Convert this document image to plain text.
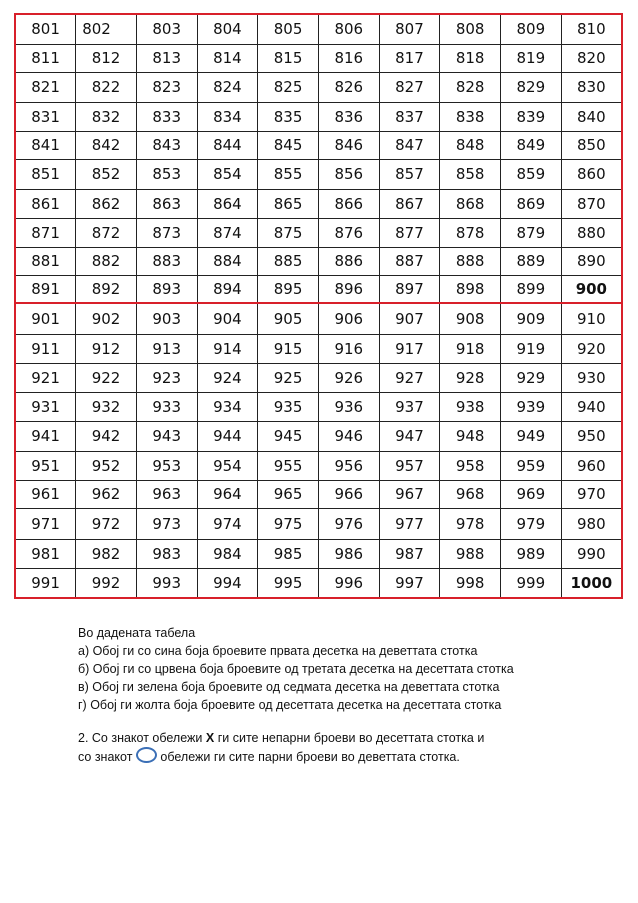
801	802	803	804	805	806	807	808	809	810
811	812	813	814	815	816	817	818	819	820
821	822	823	824	825	826	827	828	829	830
831	832	833	834	835	836	837	838	839	840
841	842	843	844	845	846	847	848	849	850
851	852	853	854	855	856	857	858	859	860
861	862	863	864	865	866	867	868	869	870
871	872	873	874	875	876	877	878	879	880
881	882	883	884	885	886	887	888	889	890
891	892	893	894	895	896	897	898	899	900
901	902	903	904	905	906	907	908	909	910
911	912	913	914	915	916	917	918	919	920
921	922	923	924	925	926	927	928	929	930
931	932	933	934	935	936	937	938	939	940
941	942	943	944	945	946	947	948	949	950
951	952	953	954	955	956	957	958	959	960
961	962	963	964	965	966	967	968	969	970
971	972	973	974	975	976	977	978	979	980
981	982	983	984	985	986	987	988	989	990
991	992	993	994	995	996	997	998	999	1000

Во дадената табела

а) Обој ги со сина боја броевите првата десетка на деветтата стотка

б) Обој ги со црвена боја броевите од третата десетка на десеттата стотка

в) Обој ги зелена боја броевите од седмата десетка на деветтата стотка

г) Обој ги жолта боја броевите од десеттата десетка на десеттата стотка

2. Со знакот обележи X ги сите непарни броеви во десеттата стотка и
со знакот обележи ги сите парни броеви во деветтата стотка.
